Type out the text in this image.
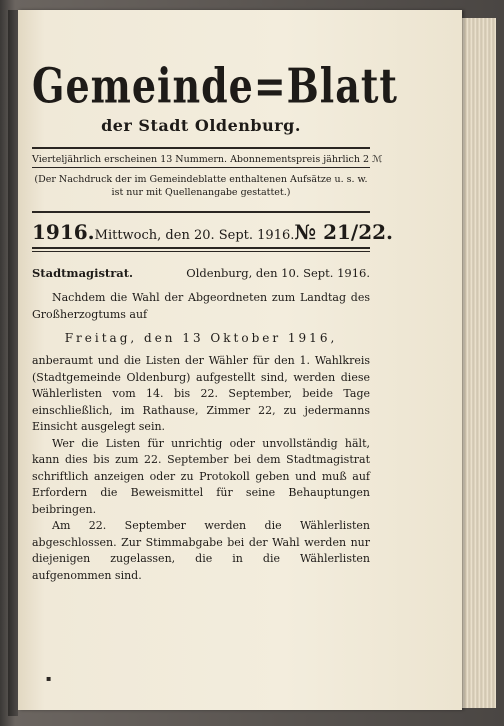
Gemeinde=Blatt
der Stadt Oldenburg.
Vierteljährlich erscheinen 13 Nummern. Abonnementspreis jährlich 2 ℳ
(Der Nachdruck der im Gemeindeblatte enthaltenen Aufsätze u. s. w.
ist nur mit Quellenangabe gestattet.)
1916. Mittwoch, den 20. Sept. 1916. № 21/22.
Stadtmagistrat.	Oldenburg, den 10. Sept. 1916.

Nachdem die Wahl der Abgeordneten zum Landtag des Großherzogtums auf

Freitag, den 13 Oktober 1916,

anberaumt und die Listen der Wähler für den 1. Wahlkreis (Stadtgemeinde Oldenburg) aufgestellt sind, werden diese Wählerlisten vom 14. bis 22. September, beide Tage einschließlich, im Rathause, Zimmer 22, zu jedermanns Einsicht ausgelegt sein.

Wer die Listen für unrichtig oder unvollständig hält, kann dies bis zum 22. September bei dem Stadtmagistrat schriftlich anzeigen oder zu Protokoll geben und muß auf Erfordern die Beweismittel für seine Behauptungen beibringen.

Am 22. September werden die Wählerlisten abgeschlossen. Zur Stimmabgabe bei der Wahl werden nur diejenigen zugelassen, die in die Wählerlisten aufgenommen sind.

▪
